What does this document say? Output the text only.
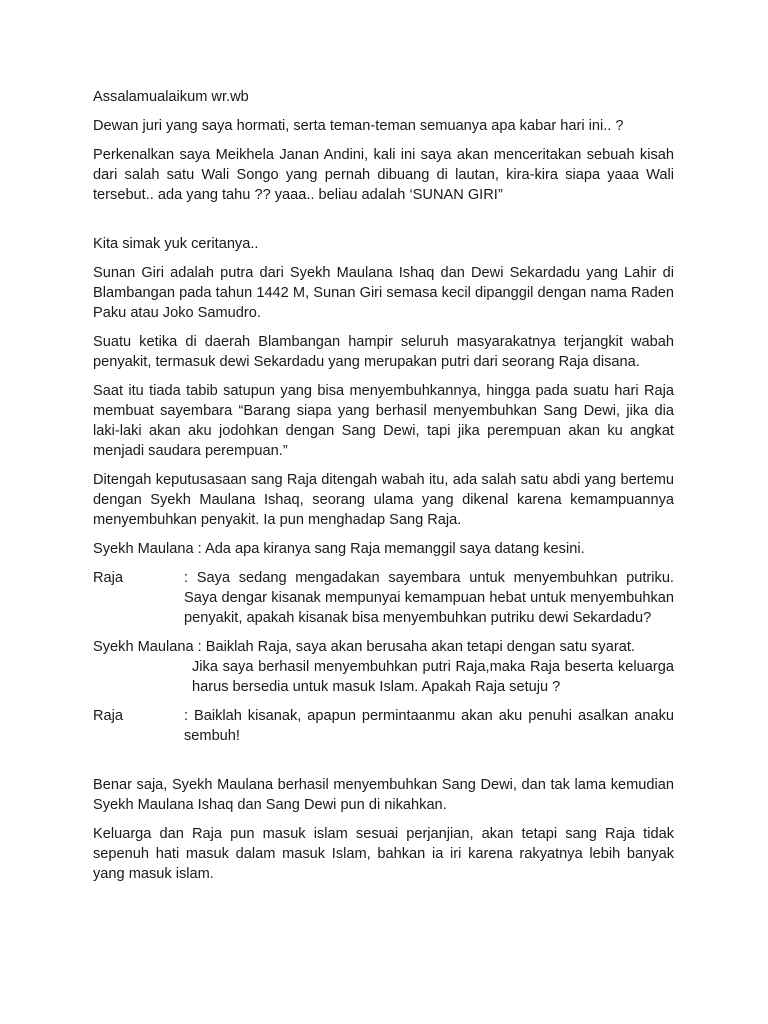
Assalamualaikum wr.wb

Dewan juri yang saya hormati, serta teman-teman semuanya apa kabar hari ini.. ?

Perkenalkan saya Meikhela Janan Andini, kali ini saya akan menceritakan sebuah kisah dari salah satu Wali Songo yang pernah dibuang di lautan, kira-kira siapa yaaa Wali tersebut.. ada yang tahu ?? yaaa.. beliau adalah ‘SUNAN GIRI”

Kita simak yuk ceritanya..

Sunan Giri adalah putra dari Syekh Maulana Ishaq dan Dewi Sekardadu yang Lahir di Blambangan pada tahun 1442 M, Sunan Giri semasa kecil dipanggil dengan nama Raden Paku atau Joko Samudro.

Suatu ketika di daerah Blambangan hampir seluruh masyarakatnya terjangkit wabah penyakit, termasuk dewi Sekardadu yang merupakan putri dari seorang Raja disana.

Saat itu tiada tabib satupun yang bisa menyembuhkannya, hingga pada suatu hari Raja membuat sayembara “Barang siapa yang berhasil menyembuhkan Sang Dewi, jika dia laki-laki akan aku jodohkan dengan Sang Dewi, tapi jika perempuan akan ku angkat menjadi saudara perempuan.”

Ditengah keputusasaan sang Raja ditengah wabah itu, ada salah satu abdi yang bertemu dengan Syekh Maulana Ishaq, seorang ulama yang dikenal karena kemampuannya menyembuhkan penyakit. Ia pun menghadap Sang Raja.

Syekh Maulana : Ada apa kiranya sang Raja memanggil saya datang kesini.

Raja	: Saya sedang mengadakan sayembara untuk menyembuhkan putriku. Saya dengar kisanak mempunyai kemampuan hebat untuk menyembuhkan penyakit, apakah kisanak bisa menyembuhkan putriku dewi Sekardadu?
Syekh Maulana : Baiklah Raja, saya akan berusaha akan tetapi dengan satu syarat.
Jika saya berhasil menyembuhkan putri Raja,maka Raja beserta keluarga harus bersedia untuk masuk Islam. Apakah Raja setuju ?
Raja	: Baiklah kisanak, apapun permintaanmu akan aku penuhi asalkan anaku sembuh!

Benar saja, Syekh Maulana berhasil menyembuhkan Sang Dewi, dan tak lama kemudian Syekh Maulana Ishaq dan Sang Dewi pun di nikahkan.

Keluarga dan Raja pun masuk islam sesuai perjanjian, akan tetapi sang Raja tidak sepenuh hati masuk dalam masuk Islam, bahkan ia iri karena rakyatnya lebih banyak yang masuk islam.
